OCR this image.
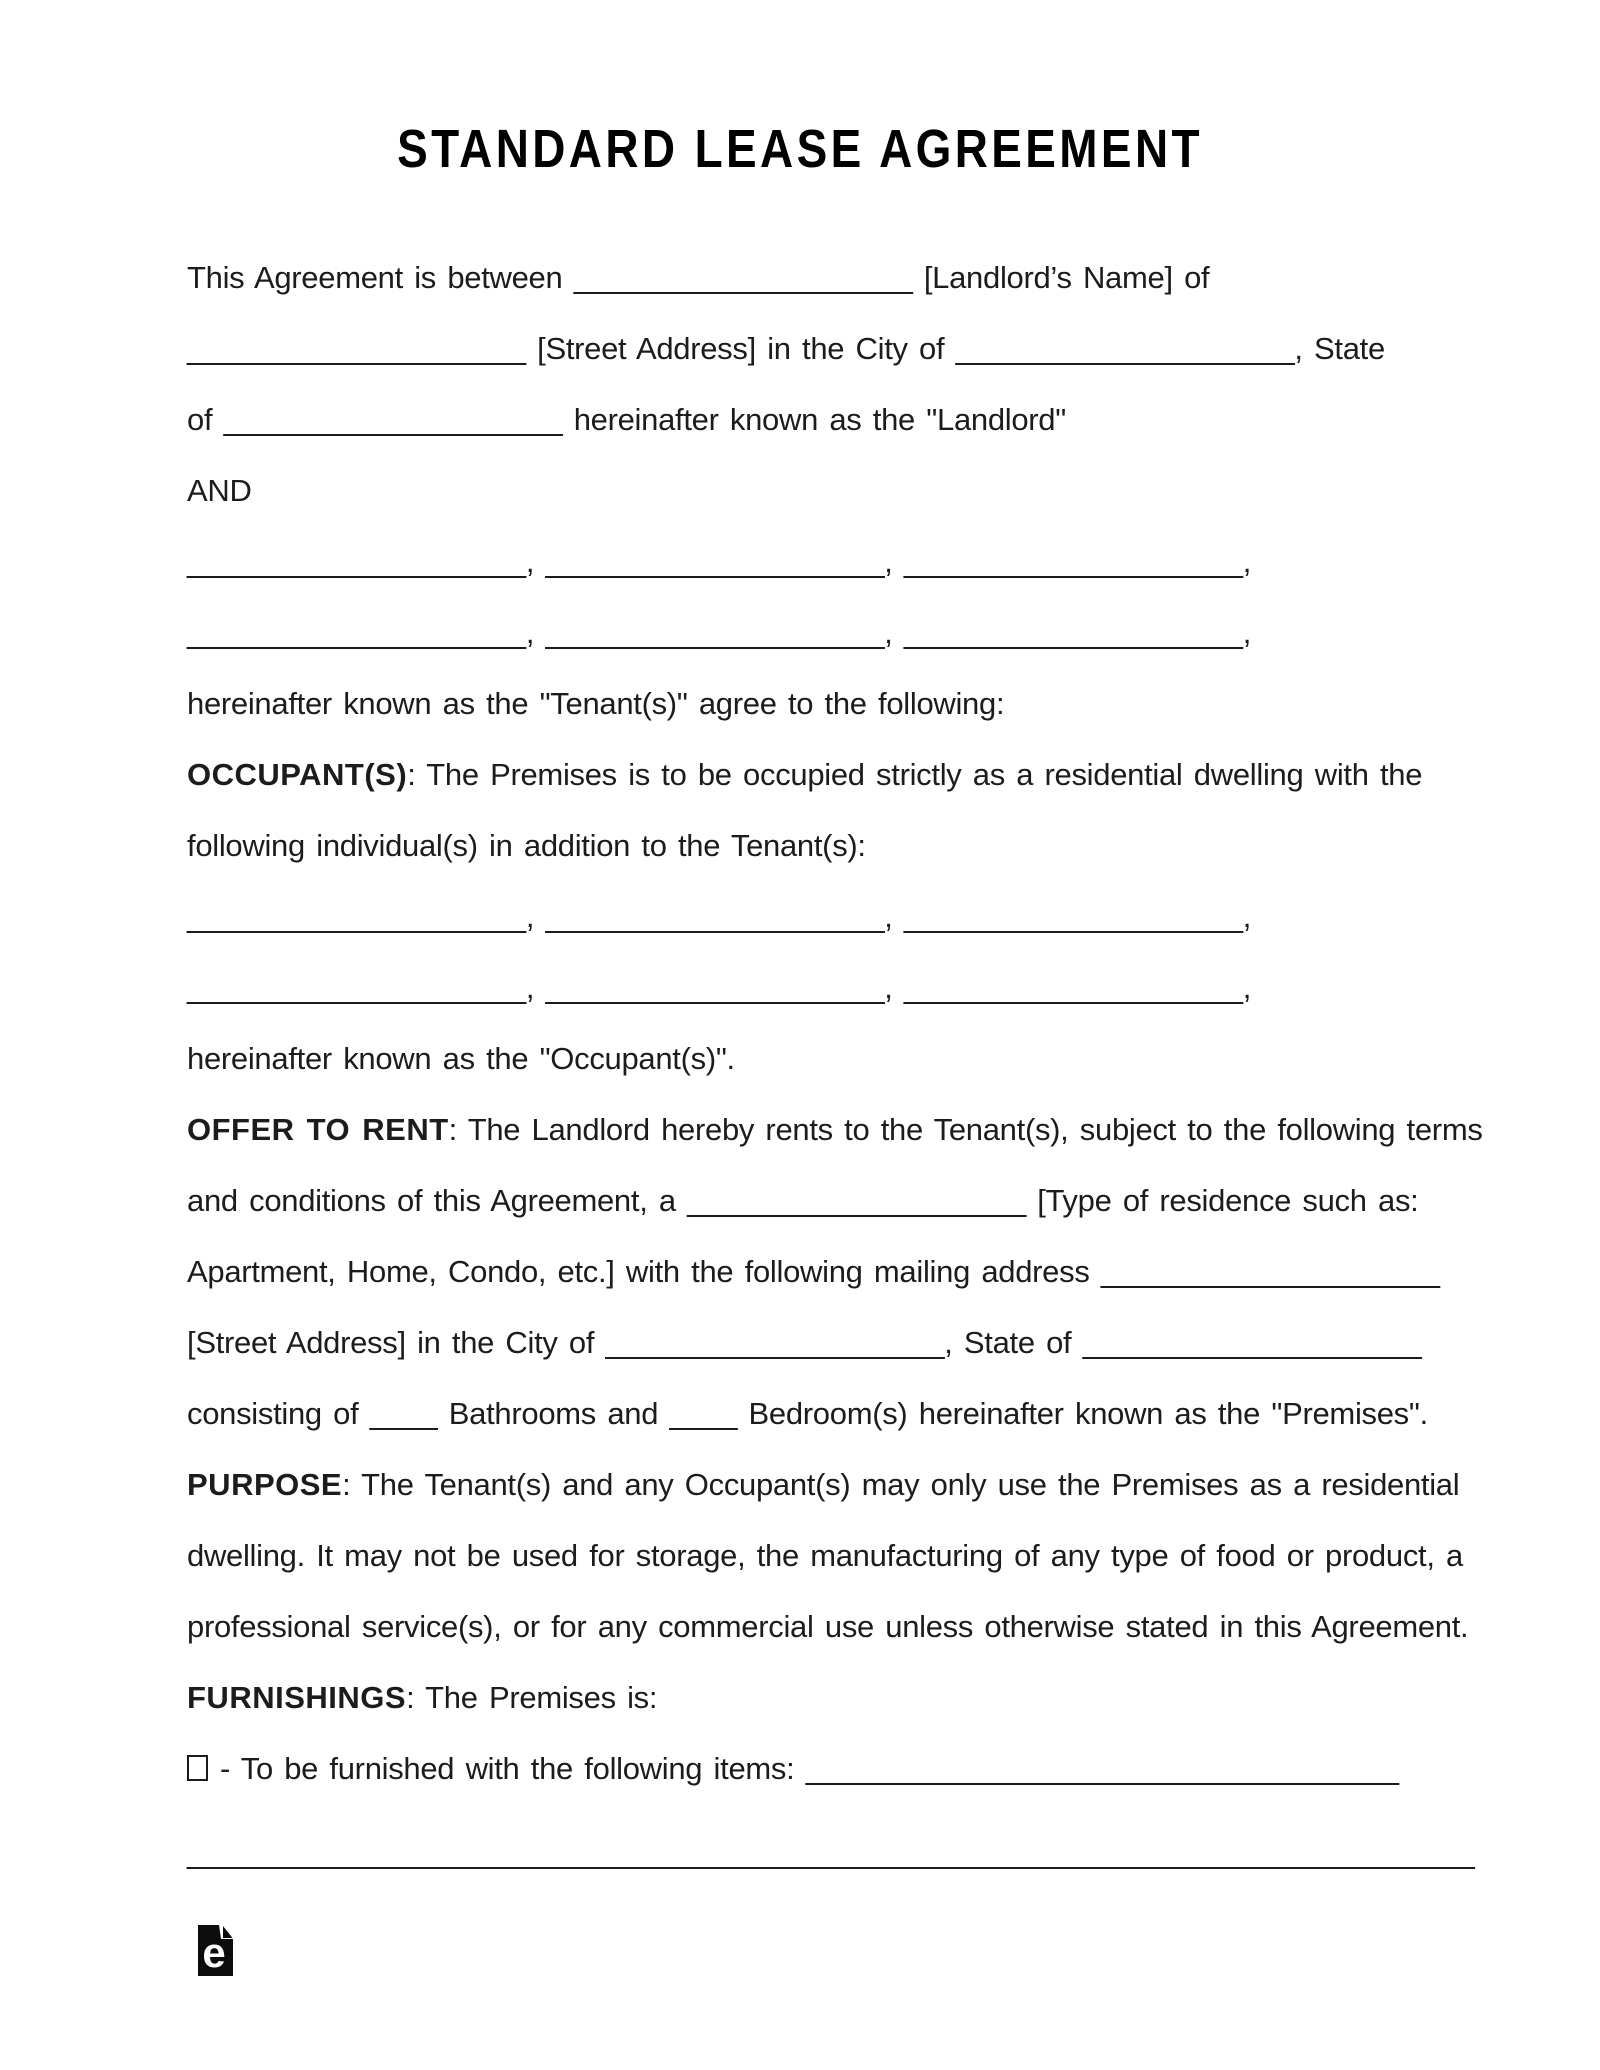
STANDARD LEASE AGREEMENT

This Agreement is between ____________________ [Landlord’s Name] of

____________________ [Street Address] in the City of ____________________, State

of ____________________ hereinafter known as the "Landlord"

AND

____________________, ____________________, ____________________,

____________________, ____________________, ____________________,

hereinafter known as the "Tenant(s)" agree to the following:

OCCUPANT(S): The Premises is to be occupied strictly as a residential dwelling with the

following individual(s) in addition to the Tenant(s):

____________________, ____________________, ____________________,

____________________, ____________________, ____________________,

hereinafter known as the "Occupant(s)".

OFFER TO RENT: The Landlord hereby rents to the Tenant(s), subject to the following terms

and conditions of this Agreement, a ____________________ [Type of residence such as:

Apartment, Home, Condo, etc.] with the following mailing address ____________________

[Street Address] in the City of ____________________, State of ____________________

consisting of ____ Bathrooms and ____ Bedroom(s) hereinafter known as the "Premises".

PURPOSE: The Tenant(s) and any Occupant(s) may only use the Premises as a residential

dwelling. It may not be used for storage, the manufacturing of any type of food or product, a

professional service(s), or for any commercial use unless otherwise stated in this Agreement.

FURNISHINGS: The Premises is:

- To be furnished with the following items: ___________________________________

____________________________________________________________________________

e
